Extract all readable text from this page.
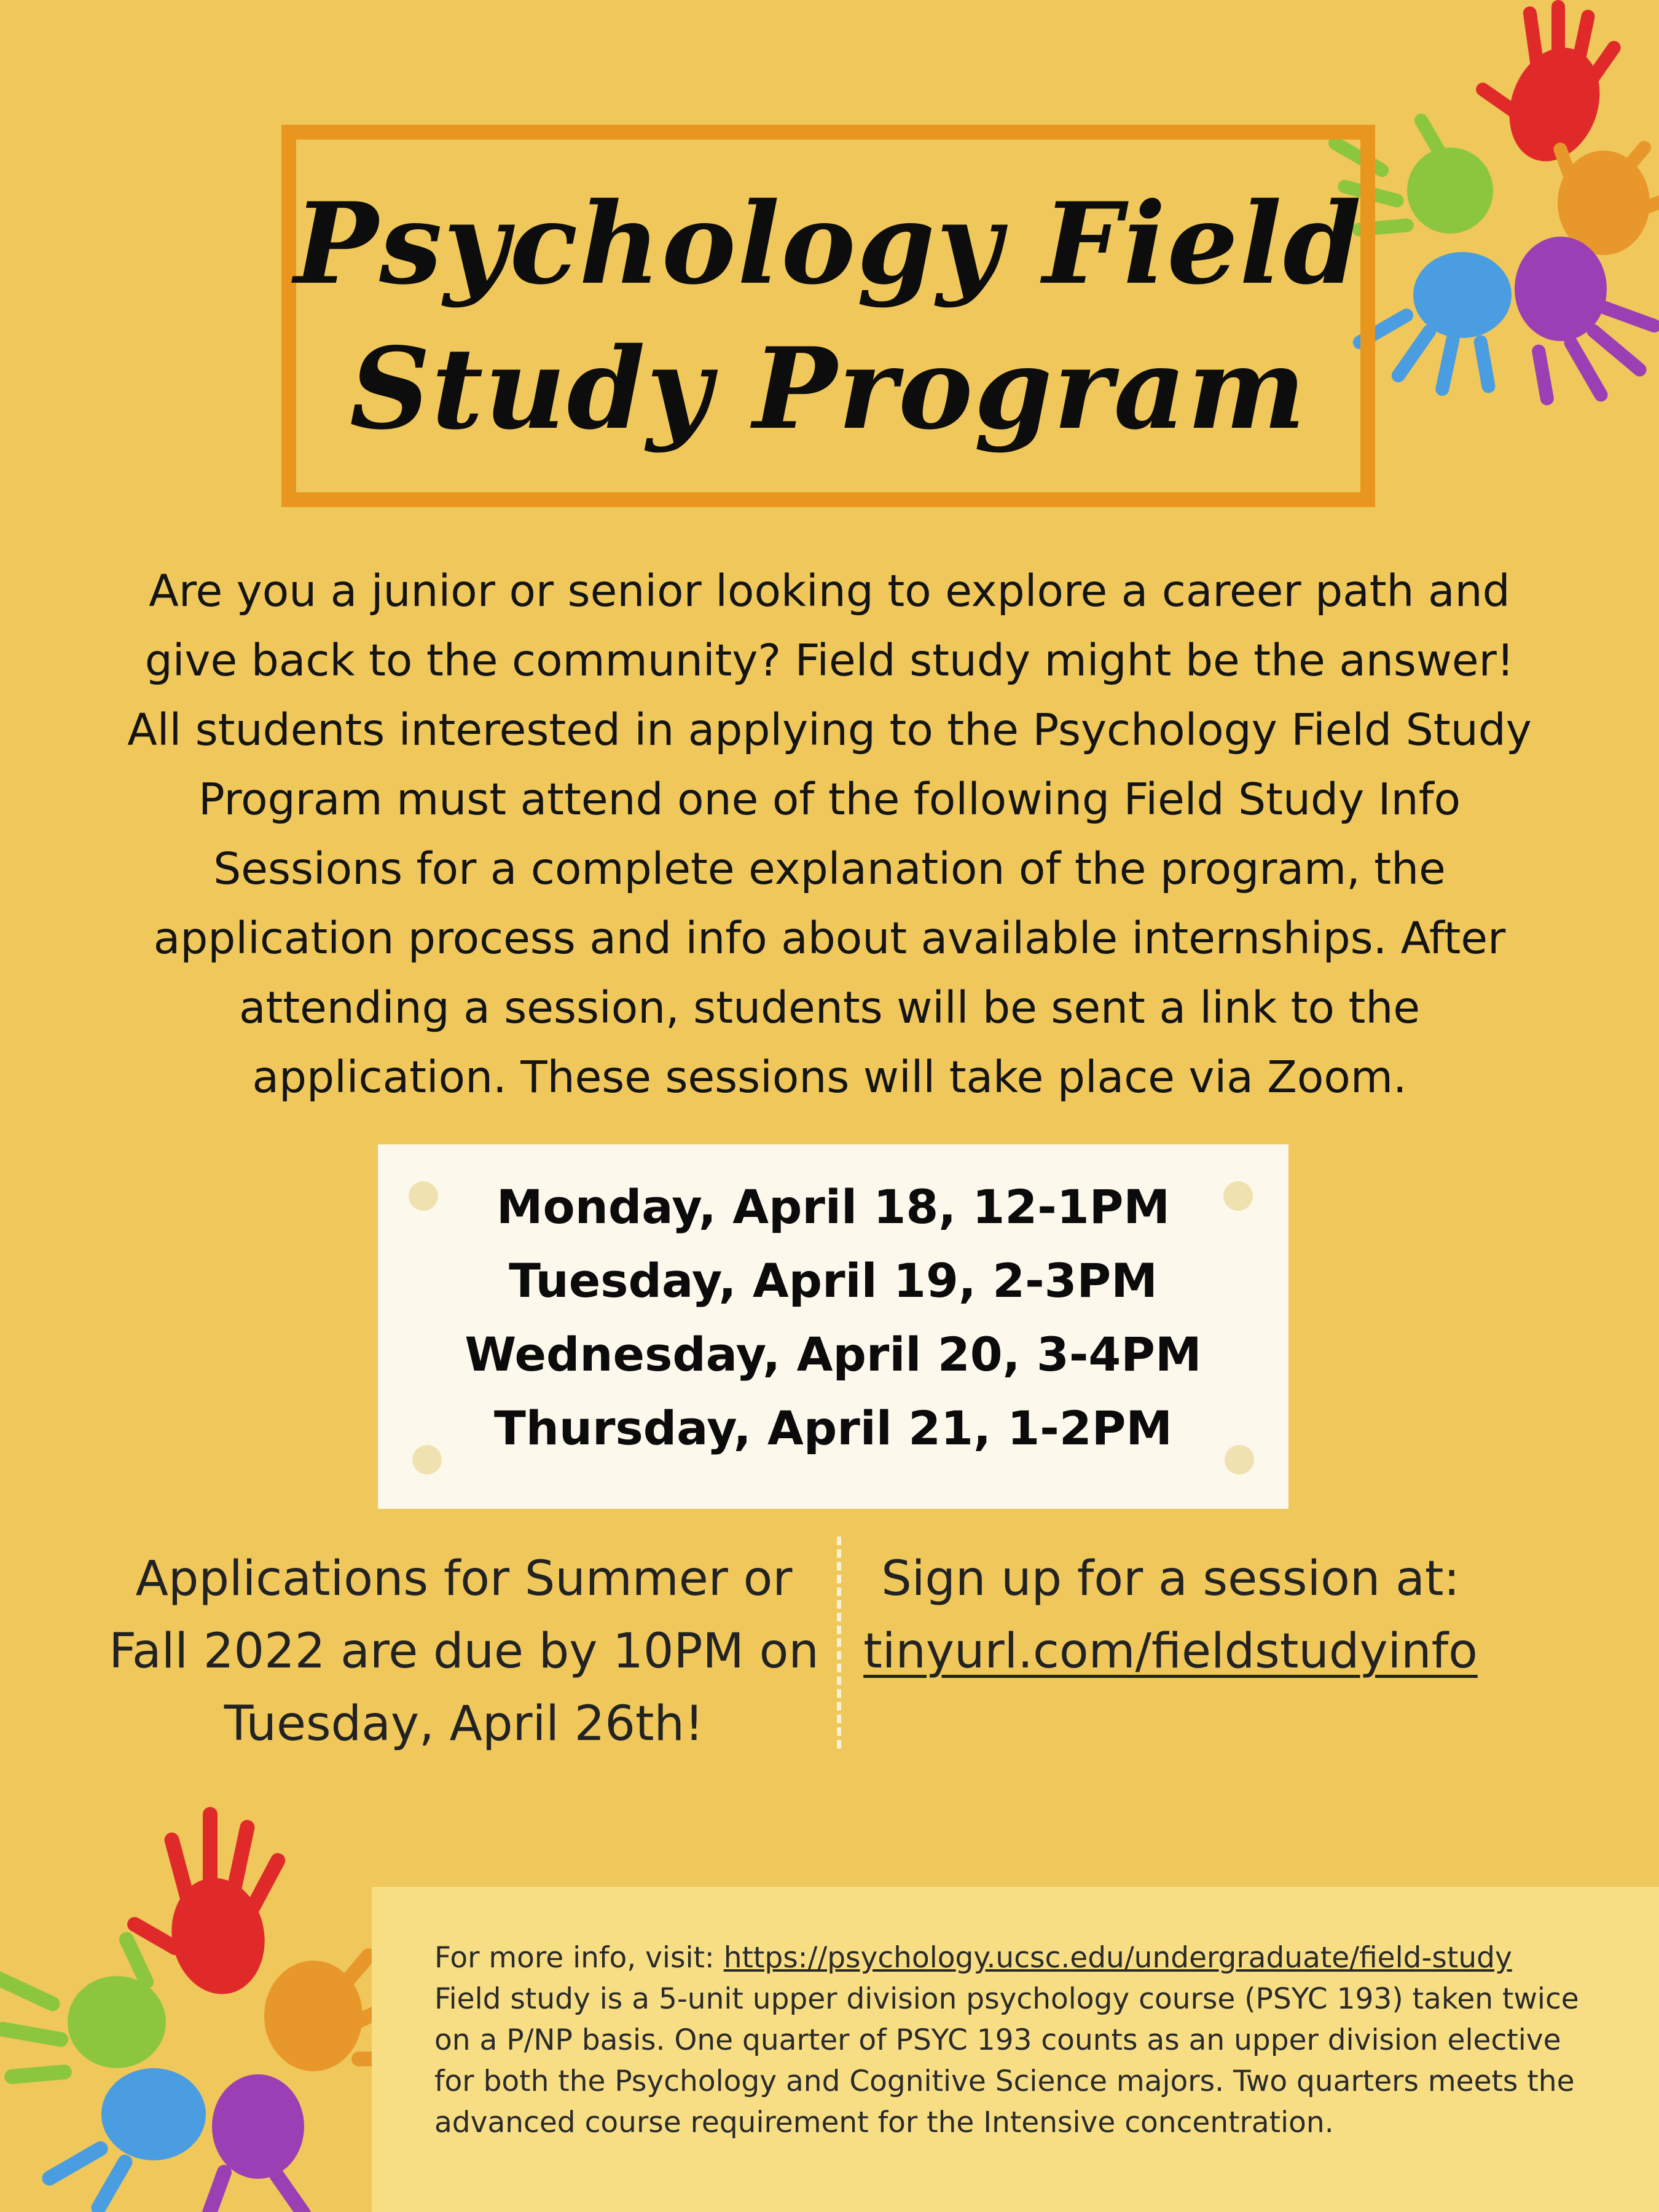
Psychology Field
Study Program
Are you a junior or senior looking to explore a career path and
give back to the community? Field study might be the answer!
All students interested in applying to the Psychology Field Study
Program must attend one of the following Field Study Info
Sessions for a complete explanation of the program, the
application process and info about available internships. After
attending a session, students will be sent a link to the
application. These sessions will take place via Zoom.
Monday, April 18, 12-1PM
Tuesday, April 19, 2-3PM
Wednesday, April 20, 3-4PM
Thursday, April 21, 1-2PM
Applications for Summer or
Fall 2022 are due by 10PM on
Tuesday, April 26th!
Sign up for a session at:
tinyurl.com/fieldstudyinfo
For more info, visit: https://psychology.ucsc.edu/undergraduate/field-study
Field study is a 5-unit upper division psychology course (PSYC 193) taken twice
on a P/NP basis. One quarter of PSYC 193 counts as an upper division elective
for both the Psychology and Cognitive Science majors. Two quarters meets the
advanced course requirement for the Intensive concentration.
